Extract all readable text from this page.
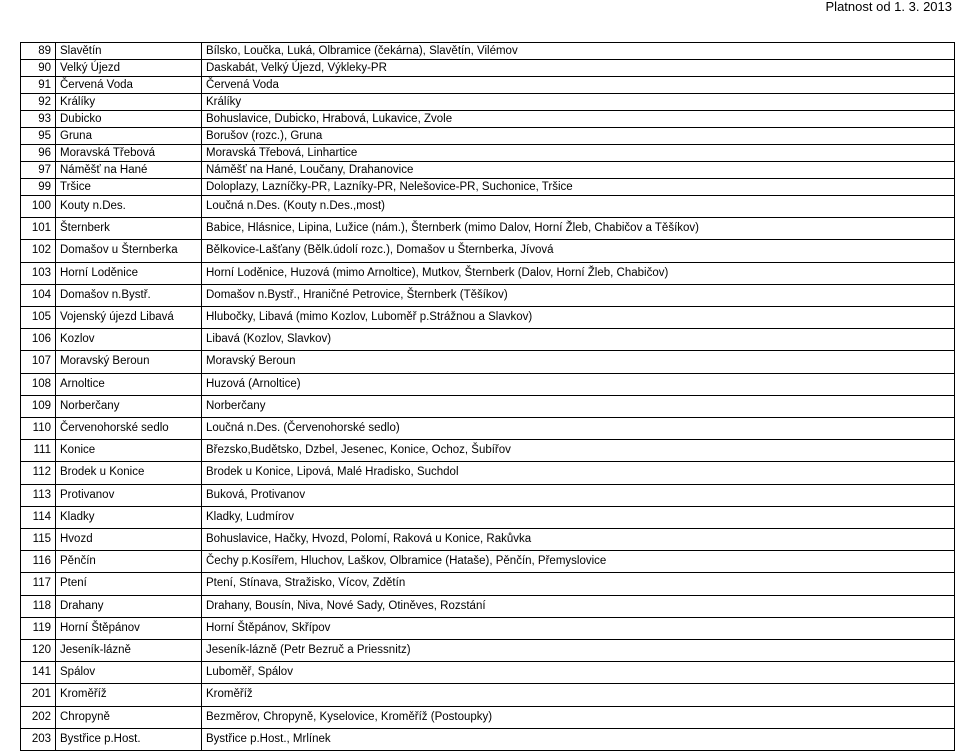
Platnost od 1. 3. 2013
89	Slavětín	Bílsko, Loučka, Luká, Olbramice (čekárna), Slavětín, Vilémov
90	Velký Újezd	Daskabát, Velký Újezd, Výkleky-PR
91	Červená Voda	Červená Voda
92	Králíky	Králíky
93	Dubicko	Bohuslavice, Dubicko, Hrabová, Lukavice, Zvole
95	Gruna	Borušov (rozc.), Gruna
96	Moravská Třebová	Moravská Třebová, Linhartice
97	Náměšť na Hané	Náměšť na Hané, Loučany, Drahanovice
99	Tršice	Doloplazy, Lazníčky-PR, Lazníky-PR, Nelešovice-PR, Suchonice, Tršice
100	Kouty n.Des.	Loučná n.Des. (Kouty n.Des.,most)
101	Šternberk	Babice, Hlásnice, Lipina, Lužice (nám.), Šternberk (mimo Dalov, Horní Žleb, Chabičov a Těšíkov)
102	Domašov u Šternberka	Bělkovice-Lašťany (Bělk.údolí rozc.), Domašov u Šternberka, Jívová
103	Horní Loděnice	Horní Loděnice, Huzová (mimo Arnoltice), Mutkov, Šternberk (Dalov, Horní Žleb, Chabičov)
104	Domašov n.Bystř.	Domašov n.Bystř., Hraničné Petrovice, Šternberk (Těšíkov)
105	Vojenský újezd Libavá	Hlubočky, Libavá (mimo Kozlov, Luboměř p.Strážnou a Slavkov)
106	Kozlov	Libavá (Kozlov, Slavkov)
107	Moravský Beroun	Moravský Beroun
108	Arnoltice	Huzová (Arnoltice)
109	Norberčany	Norberčany
110	Červenohorské sedlo	Loučná n.Des. (Červenohorské sedlo)
111	Konice	Březsko,Budětsko, Dzbel, Jesenec, Konice, Ochoz, Šubířov
112	Brodek u Konice	Brodek u Konice, Lipová, Malé Hradisko, Suchdol
113	Protivanov	Buková, Protivanov
114	Kladky	Kladky, Ludmírov
115	Hvozd	Bohuslavice, Hačky, Hvozd, Polomí, Raková u Konice, Rakůvka
116	Pěnčín	Čechy p.Kosířem, Hluchov, Laškov, Olbramice (Hataše), Pěnčín, Přemyslovice
117	Ptení	Ptení, Stínava, Stražisko, Vícov, Zdětín
118	Drahany	Drahany, Bousín, Niva, Nové Sady, Otiněves, Rozstání
119	Horní Štěpánov	Horní Štěpánov, Skřípov
120	Jeseník-lázně	Jeseník-lázně (Petr Bezruč a Priessnitz)
141	Spálov	Luboměř, Spálov
201	Kroměříž	Kroměříž
202	Chropyně	Bezměrov, Chropyně, Kyselovice, Kroměříž (Postoupky)
203	Bystřice p.Host.	Bystřice p.Host., Mrlínek
